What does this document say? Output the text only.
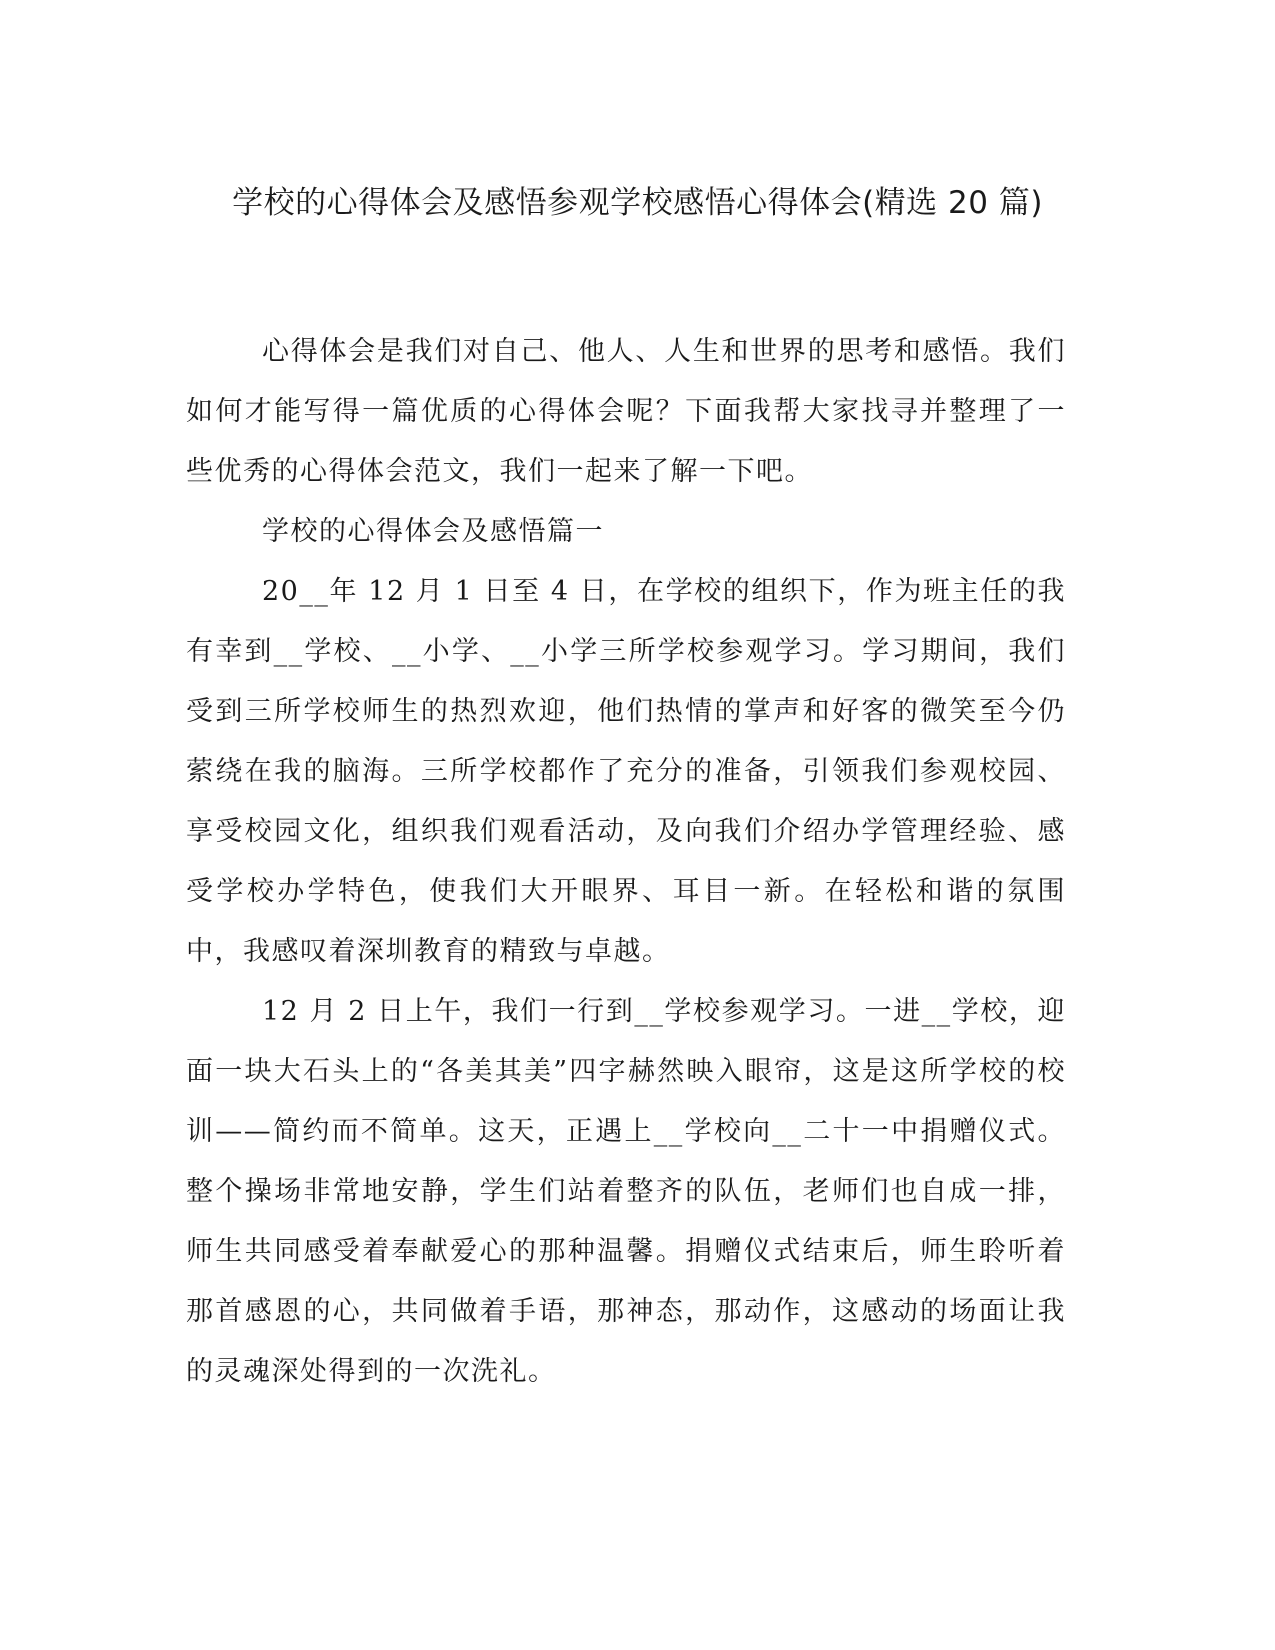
学校的心得体会及感悟参观学校感悟心得体会(精选 20 篇)

心得体会是我们对自己、他人、人生和世界的思考和感悟。我们如何才能写得一篇优质的心得体会呢？下面我帮大家找寻并整理了一些优秀的心得体会范文，我们一起来了解一下吧。

学校的心得体会及感悟篇一

20__年 12 月 1 日至 4 日，在学校的组织下，作为班主任的我有幸到__学校、__小学、__小学三所学校参观学习。学习期间，我们受到三所学校师生的热烈欢迎，他们热情的掌声和好客的微笑至今仍萦绕在我的脑海。三所学校都作了充分的准备，引领我们参观校园、享受校园文化，组织我们观看活动，及向我们介绍办学管理经验、感受学校办学特色，使我们大开眼界、耳目一新。在轻松和谐的氛围中，我感叹着深圳教育的精致与卓越。

12 月 2 日上午，我们一行到__学校参观学习。一进__学校，迎面一块大石头上的“各美其美”四字赫然映入眼帘，这是这所学校的校训——简约而不简单。这天，正遇上__学校向__二十一中捐赠仪式。整个操场非常地安静，学生们站着整齐的队伍，老师们也自成一排，师生共同感受着奉献爱心的那种温馨。捐赠仪式结束后，师生聆听着那首感恩的心，共同做着手语，那神态，那动作，这感动的场面让我的灵魂深处得到的一次洗礼。
